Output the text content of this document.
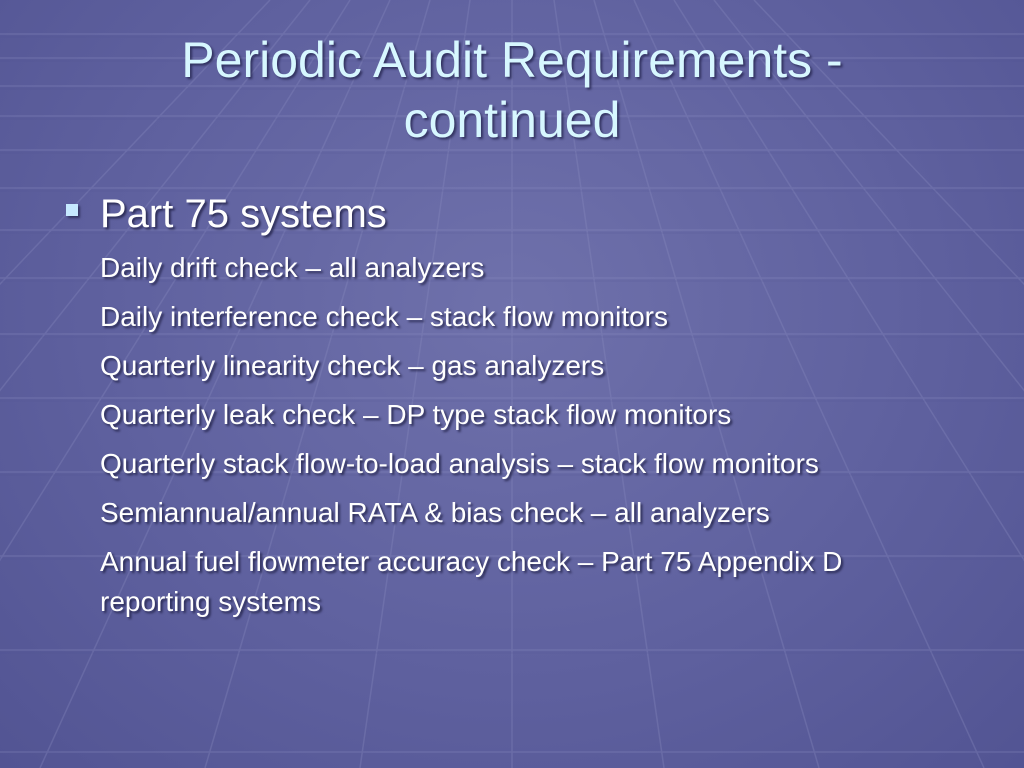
Periodic Audit Requirements -
continued
Part 75 systems
Daily drift check – all analyzers
Daily interference check – stack flow monitors
Quarterly linearity check – gas analyzers
Quarterly leak check – DP type stack flow monitors
Quarterly stack flow-to-load analysis – stack flow monitors
Semiannual/annual RATA & bias check – all analyzers
Annual fuel flowmeter accuracy check – Part 75 Appendix D reporting systems
